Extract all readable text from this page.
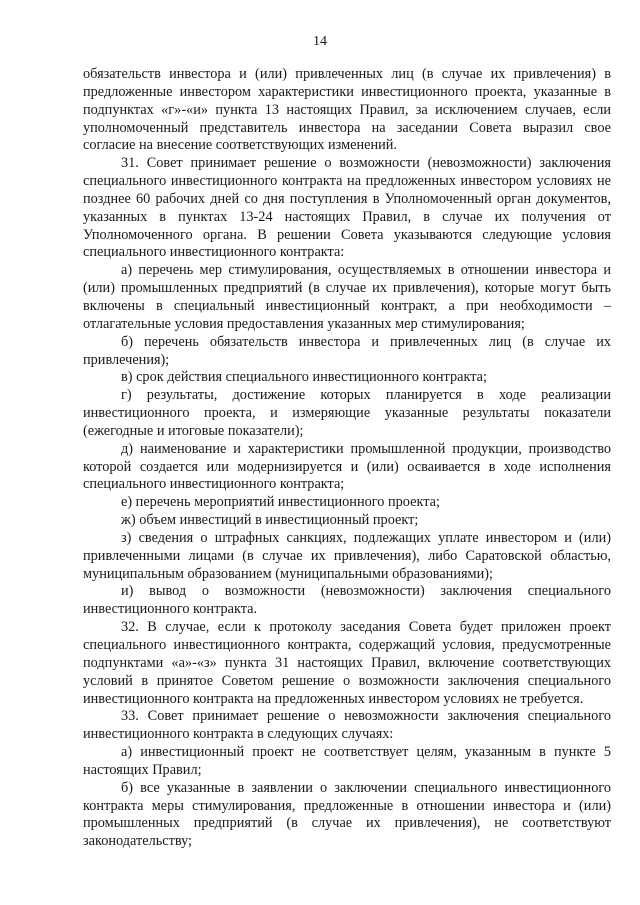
14

обязательств инвестора и (или) привлеченных лиц (в случае их привлечения) в предложенные инвестором характеристики инвестиционного проекта, указанные в подпунктах «г»-«и» пункта 13 настоящих Правил, за исключением случаев, если уполномоченный представитель инвестора на заседании Совета выразил свое согласие на внесение соответствующих изменений.

31. Совет принимает решение о возможности (невозможности) заключения специального инвестиционного контракта на предложенных инвестором условиях не позднее 60 рабочих дней со дня поступления в Уполномоченный орган документов, указанных в пунктах 13-24 настоящих Правил, в случае их получения от Уполномоченного органа. В решении Совета указываются следующие условия специального инвестиционного контракта:

а) перечень мер стимулирования, осуществляемых в отношении инвестора и (или) промышленных предприятий (в случае их привлечения), которые могут быть включены в специальный инвестиционный контракт, а при необходимости – отлагательные условия предоставления указанных мер стимулирования;

б) перечень обязательств инвестора и привлеченных лиц (в случае их привлечения);

в) срок действия специального инвестиционного контракта;

г) результаты, достижение которых планируется в ходе реализации инвестиционного проекта, и измеряющие указанные результаты показатели (ежегодные и итоговые показатели);

д) наименование и характеристики промышленной продукции, производство которой создается или модернизируется и (или) осваивается в ходе исполнения специального инвестиционного контракта;

е) перечень мероприятий инвестиционного проекта;

ж) объем инвестиций в инвестиционный проект;

з) сведения о штрафных санкциях, подлежащих уплате инвестором и (или) привлеченными лицами (в случае их привлечения), либо Саратовской областью, муниципальным образованием (муниципальными образованиями);

и) вывод о возможности (невозможности) заключения специального инвестиционного контракта.

32. В случае, если к протоколу заседания Совета будет приложен проект специального инвестиционного контракта, содержащий условия, предусмотренные подпунктами «а»-«з» пункта 31 настоящих Правил, включение соответствующих условий в принятое Советом решение о возможности заключения специального инвестиционного контракта на предложенных инвестором условиях не требуется.

33. Совет принимает решение о невозможности заключения специального инвестиционного контракта в следующих случаях:

а) инвестиционный проект не соответствует целям, указанным в пункте 5 настоящих Правил;

б) все указанные в заявлении о заключении специального инвестиционного контракта меры стимулирования, предложенные в отношении инвестора и (или) промышленных предприятий (в случае их привлечения), не соответствуют законодательству;
